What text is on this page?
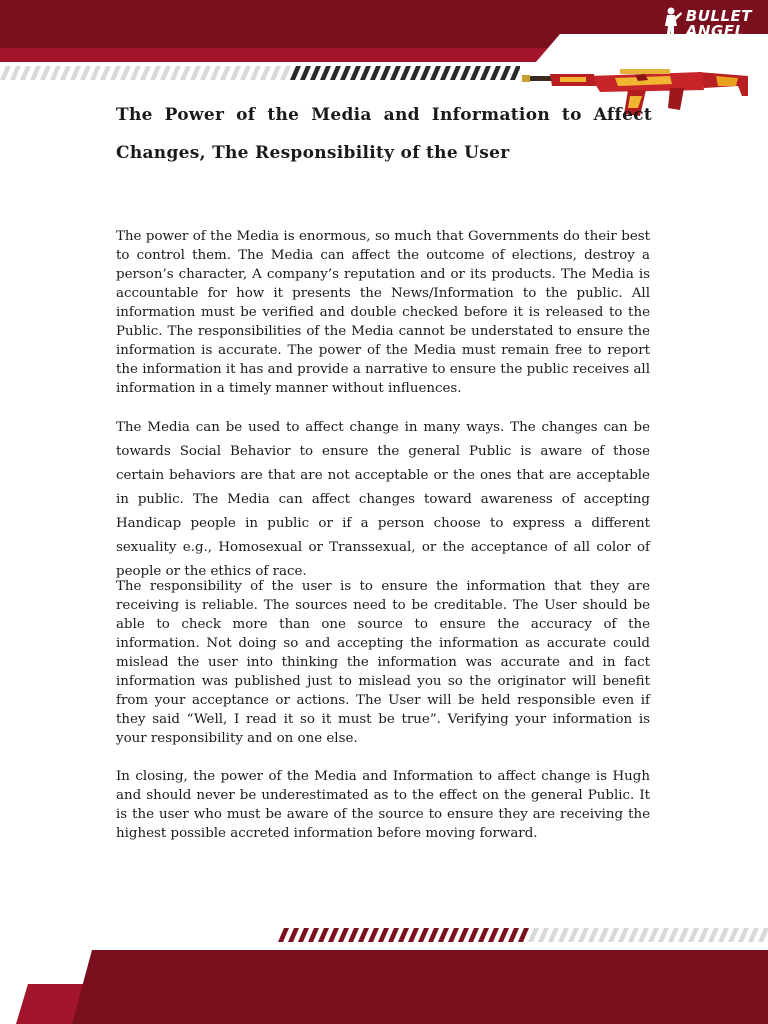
BULLET
ANGEL
The Power of the Media and Information to Affect Changes, The Responsibility of the User

The power of the Media is enormous, so much that Governments do their best to control them. The Media can affect the outcome of elections, destroy a person’s character, A company’s reputation and or its products. The Media is accountable for how it presents the News/Information to the public. All information must be verified and double checked before it is released to the Public. The responsibilities of the Media cannot be understated to ensure the information is accurate. The power of the Media must remain free to report the information it has and provide a narrative to ensure the public receives all information in a timely manner without influences.

The Media can be used to affect change in many ways. The changes can be towards Social Behavior to ensure the general Public is aware of those certain behaviors are that are not acceptable or the ones that are acceptable in public. The Media can affect changes toward awareness of accepting Handicap people in public or if a person choose to express a different sexuality e.g., Homosexual or Transsexual, or the acceptance of all color of people or the ethics of race.

The responsibility of the user is to ensure the information that they are receiving is reliable. The sources need to be creditable. The User should be able to check more than one source to ensure the accuracy of the information. Not doing so and accepting the information as accurate could mislead the user into thinking the information was accurate and in fact information was published just to mislead you so the originator will benefit from your acceptance or actions. The User will be held responsible even if they said “Well, I read it so it must be true”. Verifying your information is your responsibility and on one else.

In closing, the power of the Media and Information to affect change is Hugh and should never be underestimated as to the effect on the general Public. It is the user who must be aware of the source to ensure they are receiving the highest possible accreted information before moving forward.
